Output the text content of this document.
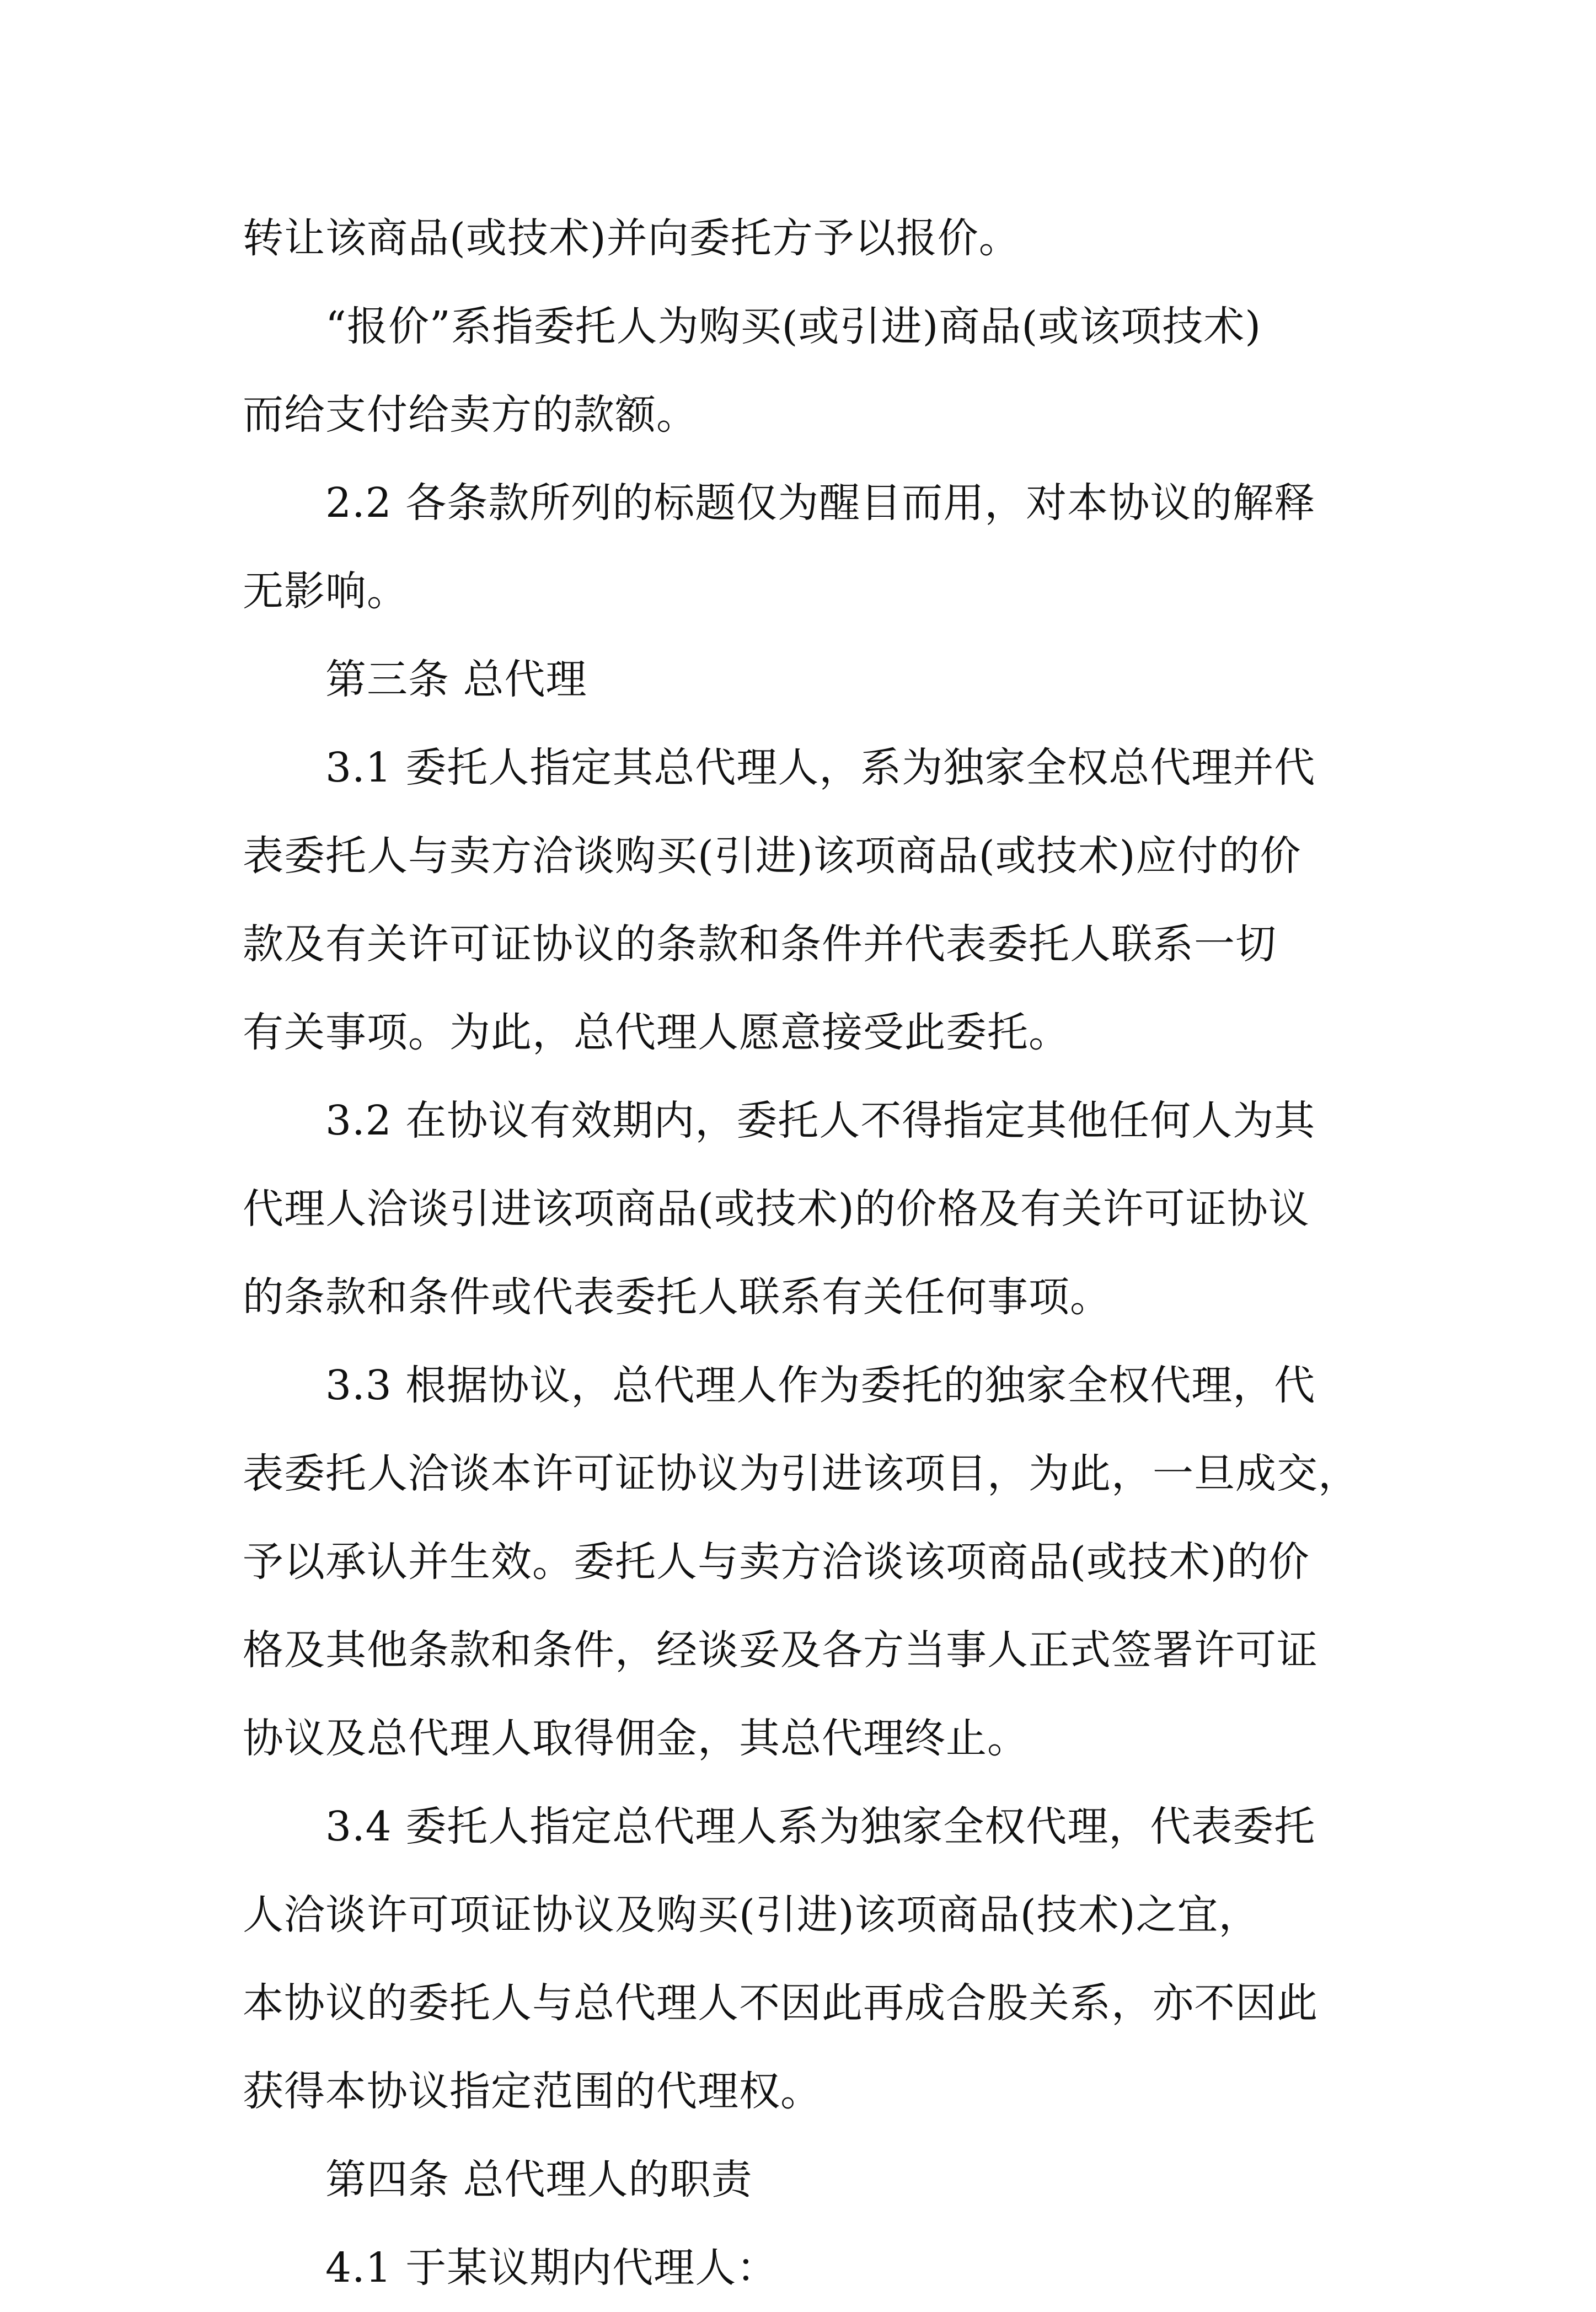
转让该商品(或技术)并向委托方予以报价。
“报价”系指委托人为购买(或引进)商品(或该项技术)
而给支付给卖方的款额。
2.2 各条款所列的标题仅为醒目而用，对本协议的解释
无影响。
第三条 总代理
3.1 委托人指定其总代理人，系为独家全权总代理并代
表委托人与卖方洽谈购买(引进)该项商品(或技术)应付的价
款及有关许可证协议的条款和条件并代表委托人联系一切
有关事项。为此，总代理人愿意接受此委托。
3.2 在协议有效期内，委托人不得指定其他任何人为其
代理人洽谈引进该项商品(或技术)的价格及有关许可证协议
的条款和条件或代表委托人联系有关任何事项。
3.3 根据协议，总代理人作为委托的独家全权代理，代
表委托人洽谈本许可证协议为引进该项目，为此，一旦成交，
予以承认并生效。委托人与卖方洽谈该项商品(或技术)的价
格及其他条款和条件，经谈妥及各方当事人正式签署许可证
协议及总代理人取得佣金，其总代理终止。
3.4 委托人指定总代理人系为独家全权代理，代表委托
人洽谈许可项证协议及购买(引进)该项商品(技术)之宜，
本协议的委托人与总代理人不因此再成合股关系，亦不因此
获得本协议指定范围的代理权。
第四条 总代理人的职责
4.1 于某议期内代理人：
